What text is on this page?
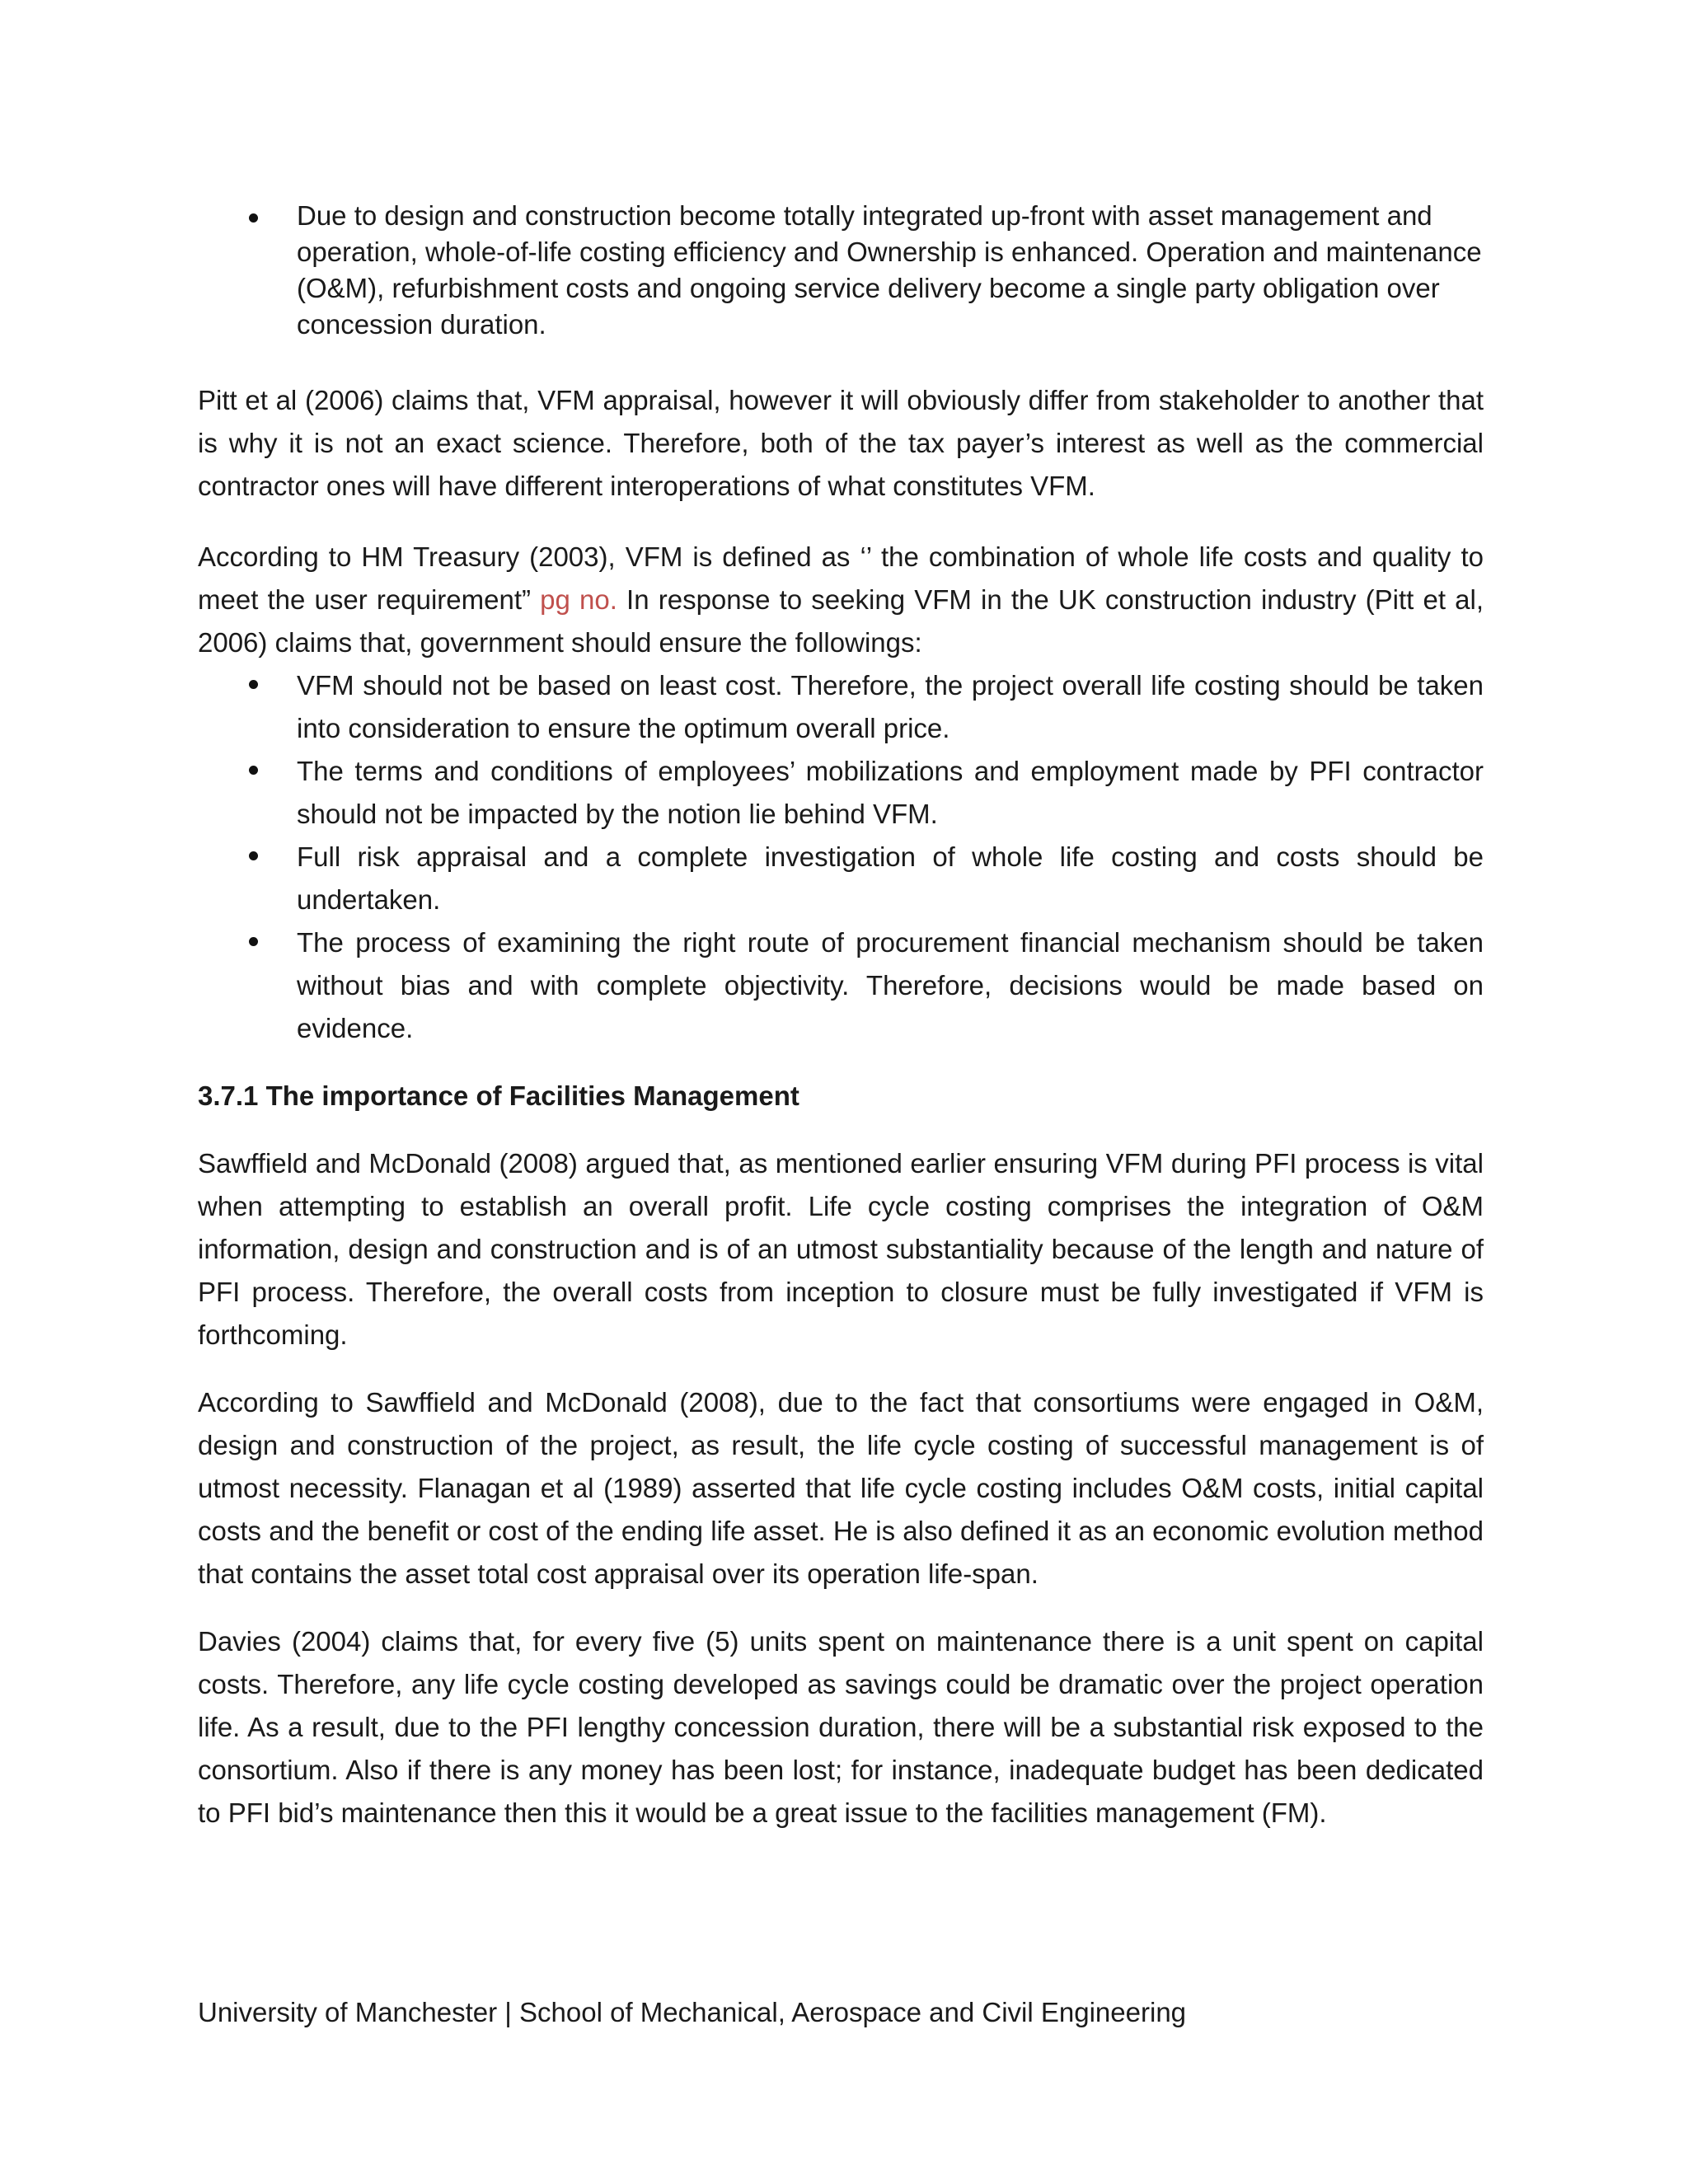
Due to design and construction become totally integrated up-front with asset management and operation, whole-of-life costing efficiency and Ownership is enhanced. Operation and maintenance (O&M), refurbishment costs and ongoing service delivery become a single party obligation over concession duration.

Pitt et al (2006) claims that, VFM appraisal, however it will obviously differ from stakeholder to another that is why it is not an exact science. Therefore, both of the tax payer’s interest as well as the commercial contractor ones will have different interoperations of what constitutes VFM.

According to HM Treasury (2003), VFM is defined as ‘’ the combination of whole life costs and quality to meet the user requirement” pg no. In response to seeking VFM in the UK construction industry (Pitt et al, 2006) claims that, government should ensure the followings:

VFM should not be based on least cost. Therefore, the project overall life costing should be taken into consideration to ensure the optimum overall price.
The terms and conditions of employees’ mobilizations and employment made by PFI contractor should not be impacted by the notion lie behind VFM.
Full risk appraisal and a complete investigation of whole life costing and costs should be undertaken.
The process of examining the right route of procurement financial mechanism should be taken without bias and with complete objectivity. Therefore, decisions would be made based on evidence.

3.7.1 The importance of Facilities Management

Sawffield and McDonald (2008) argued that, as mentioned earlier ensuring VFM during PFI process is vital when attempting to establish an overall profit. Life cycle costing comprises the integration of O&M information, design and construction and is of an utmost substantiality because of the length and nature of PFI process. Therefore, the overall costs from inception to closure must be fully investigated if VFM is forthcoming.

According to Sawffield and McDonald (2008), due to the fact that consortiums were engaged in O&M, design and construction of the project, as result, the life cycle costing of successful management is of utmost necessity. Flanagan et al (1989) asserted that life cycle costing includes O&M costs, initial capital costs and the benefit or cost of the ending life asset. He is also defined it as an economic evolution method that contains the asset total cost appraisal over its operation life-span.

Davies (2004) claims that, for every five (5) units spent on maintenance there is a unit spent on capital costs. Therefore, any life cycle costing developed as savings could be dramatic over the project operation life. As a result, due to the PFI lengthy concession duration, there will be a substantial risk exposed to the consortium. Also if there is any money has been lost; for instance, inadequate budget has been dedicated to PFI bid’s maintenance then this it would be a great issue to the facilities management (FM).

University of Manchester | School of Mechanical, Aerospace and Civil Engineering
